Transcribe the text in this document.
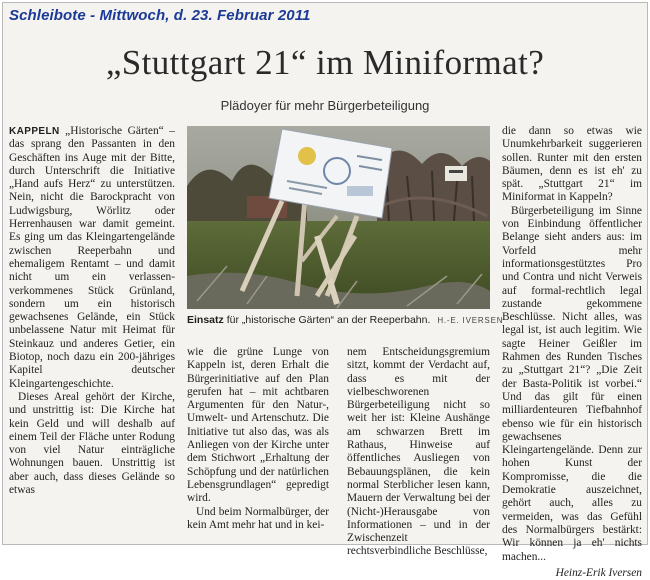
Schleibote - Mittwoch, d. 23. Februar 2011
„Stuttgart 21“ im Miniformat?
Plädoyer für mehr Bürgerbeteiligung

KAPPELN „Historische Gärten“ – das sprang den Passanten in den Geschäften ins Auge mit der Bitte, durch Unterschrift die Initiative „Hand aufs Herz“ zu unterstützen. Nein, nicht die Barockpracht von Ludwigsburg, Wörlitz oder Herrenhausen war damit gemeint. Es ging um das Kleingartengelände zwischen Reeperbahn und ehemaligem Rentamt – und damit nicht um ein verlassen-verkommenes Stück Grünland, sondern um ein historisch gewachsenes Gelände, ein Stück unbelassene Natur mit Heimat für Steinkauz und anderes Getier, ein Biotop, noch dazu ein 200-jähriges Kapitel deutscher Kleingartengeschichte.

Dieses Areal gehört der Kirche, und unstrittig ist: Die Kirche hat kein Geld und will deshalb auf einem Teil der Fläche unter Rodung von viel Natur einträgliche Wohnungen bauen. Unstrittig ist aber auch, dass dieses Gelände so etwas

Einsatz für „historische Gärten“ an der Reeperbahn. H.-E. IVERSEN

wie die grüne Lunge von Kappeln ist, deren Erhalt die Bürgerinitiative auf den Plan gerufen hat – mit achtbaren Argumenten für den Natur-, Umwelt- und Artenschutz. Die Initiative tut also das, was als Anliegen von der Kirche unter dem Stichwort „Erhaltung der Schöpfung und der natürlichen Lebensgrundlagen“ gepredigt wird.

Und beim Normalbürger, der kein Amt mehr hat und in kei-

nem Entscheidungsgremium sitzt, kommt der Verdacht auf, dass es mit der vielbeschworenen Bürgerbeteiligung nicht so weit her ist: Kleine Aushänge am schwarzen Brett im Rathaus, Hinweise auf öffentliches Ausliegen von Bebauungsplänen, die kein normal Sterblicher lesen kann, Mauern der Verwaltung bei der (Nicht-)Herausgabe von Informationen – und in der Zwischenzeit rechtsverbindliche Beschlüsse,

die dann so etwas wie Unumkehrbarkeit suggerieren sollen. Runter mit den ersten Bäumen, denn es ist eh' zu spät. „Stuttgart 21“ im Miniformat in Kappeln?

Bürgerbeteiligung im Sinne von Einbindung öffentlicher Belange sieht anders aus: im Vorfeld mehr informationsgestütztes Pro und Contra und nicht Verweis auf formal-rechtlich legal zustande gekommene Beschlüsse. Nicht alles, was legal ist, ist auch legitim. Wie sagte Heiner Geißler im Rahmen des Runden Tisches zu „Stuttgart 21“? „Die Zeit der Basta-Politik ist vorbei.“ Und das gilt für einen milliardenteuren Tiefbahnhof ebenso wie für ein historisch gewachsenes Kleingartengelände. Denn zur hohen Kunst der Kompromisse, die die Demokratie auszeichnet, gehört auch, alles zu vermeiden, was das Gefühl des Normalbürgers bestärkt: Wir können ja eh' nichts machen...

Heinz-Erik Iversen
